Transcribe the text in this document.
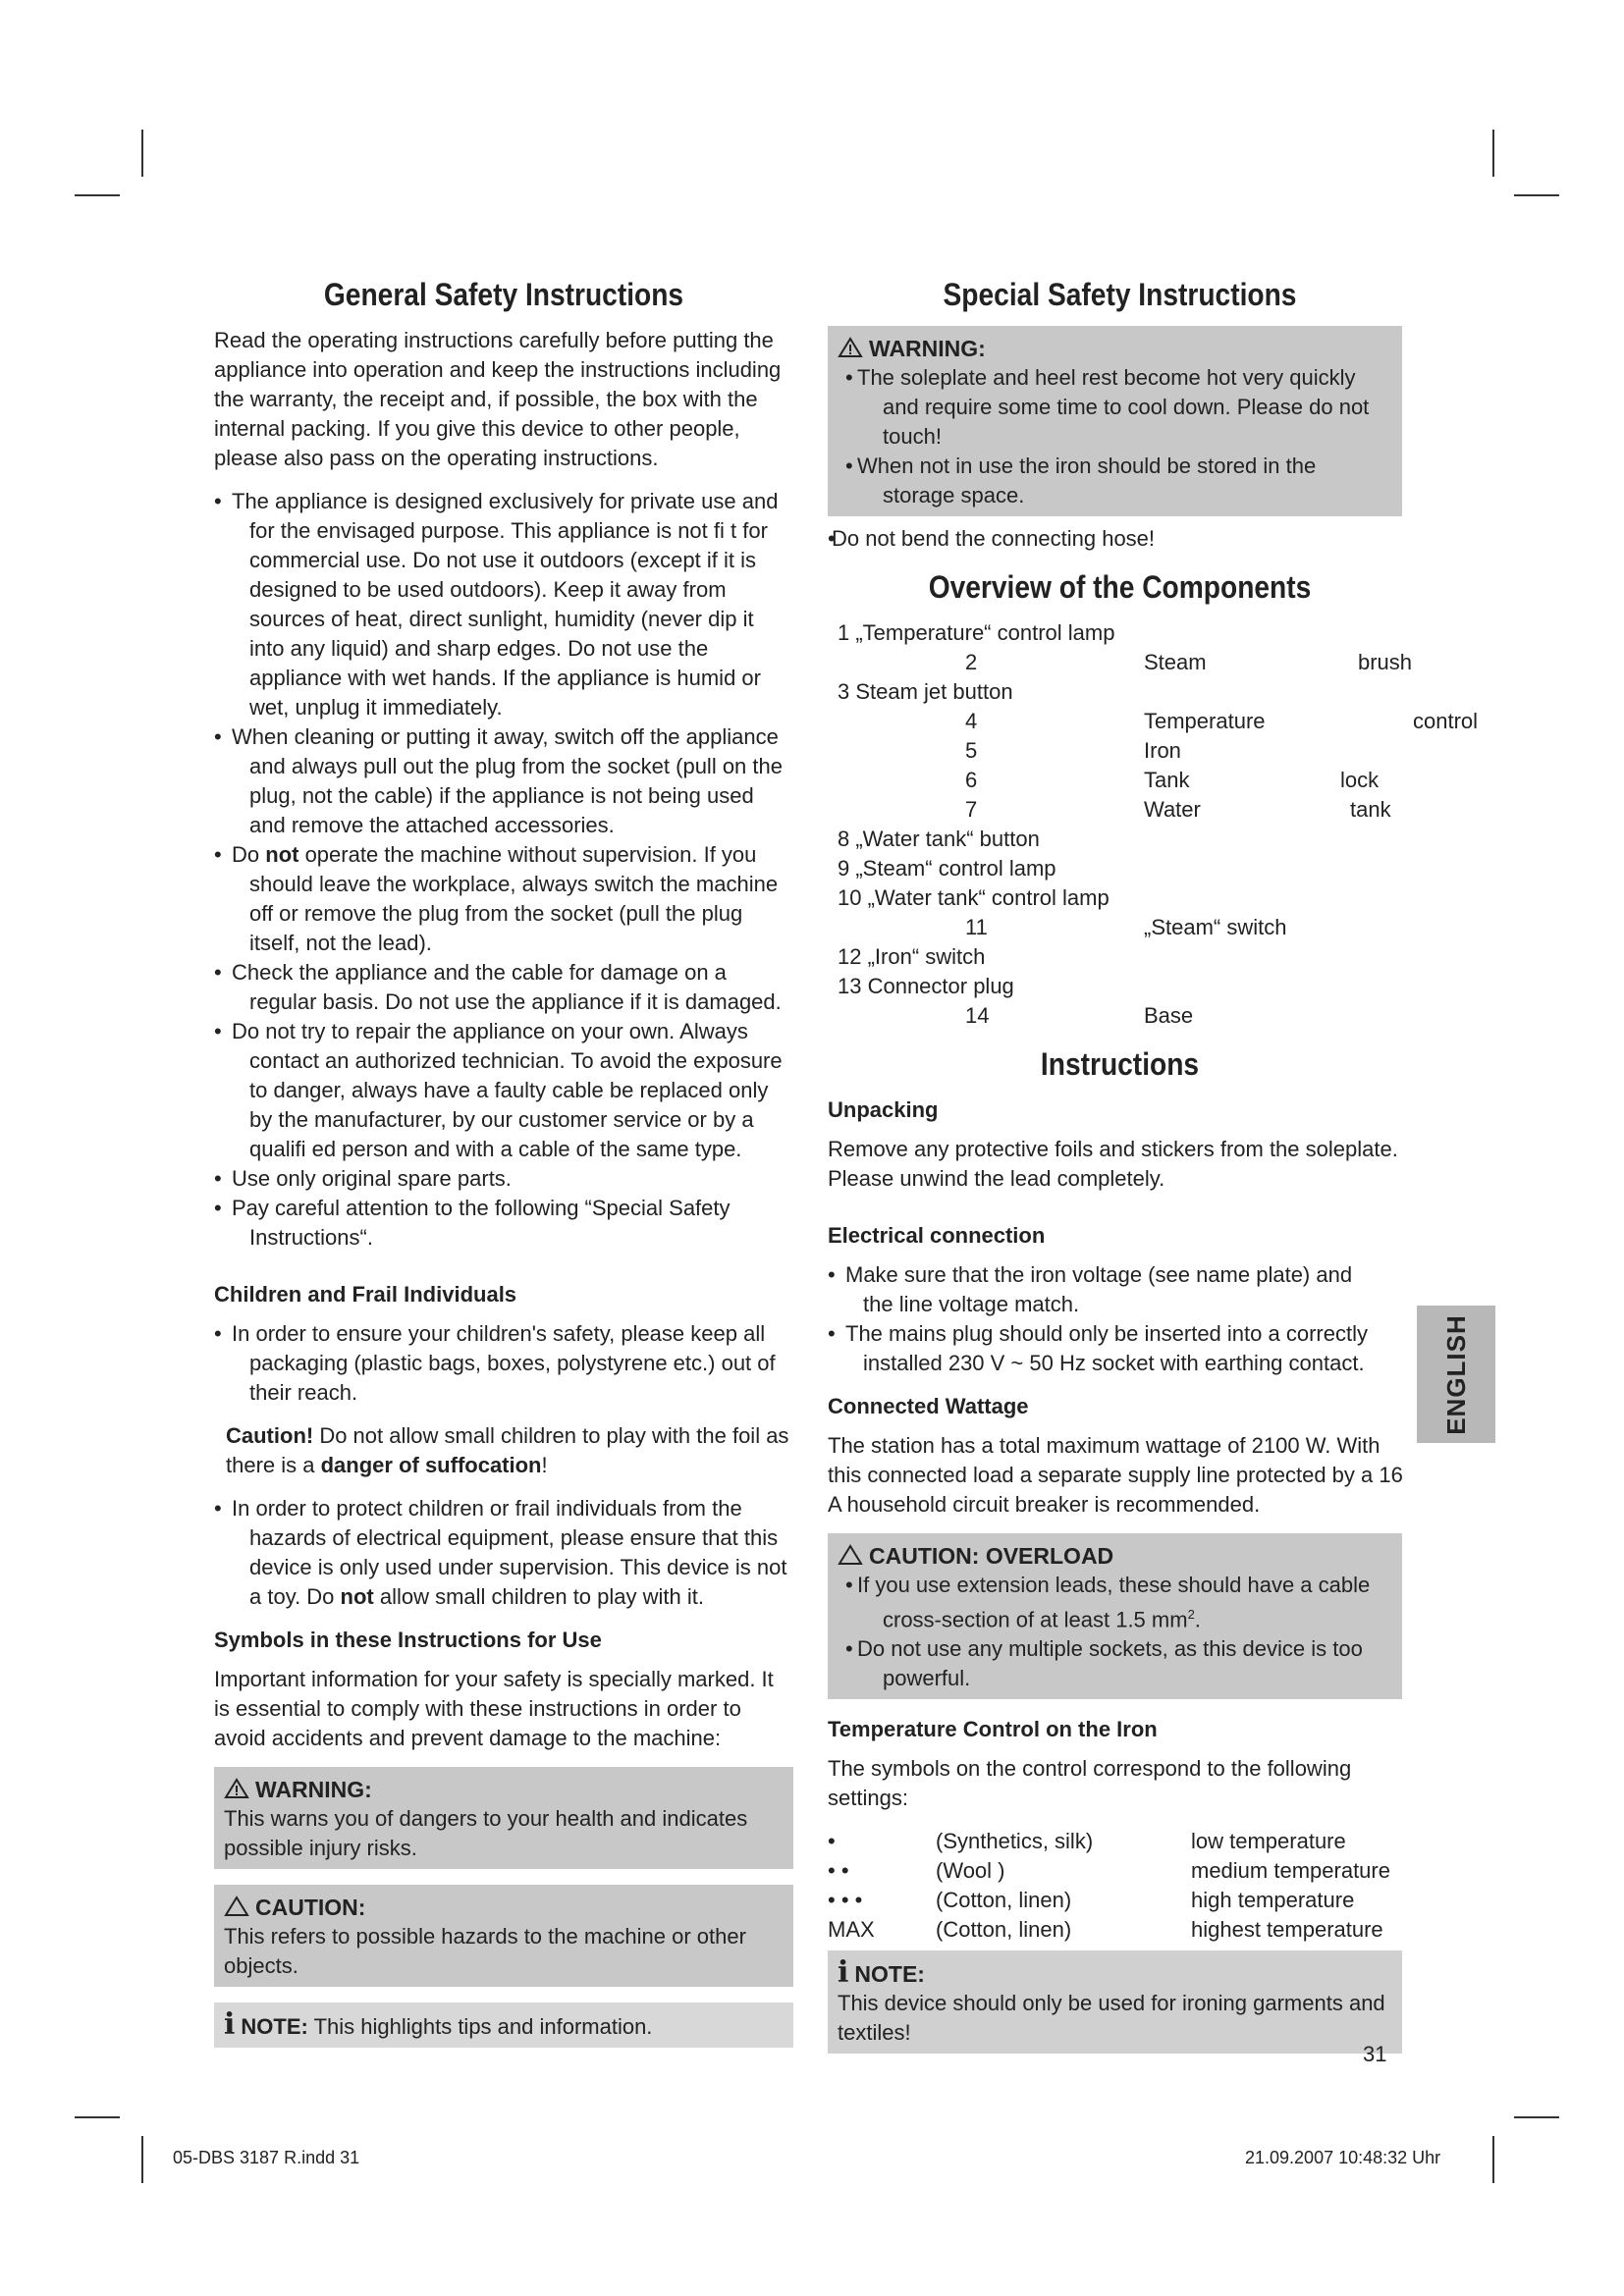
General Safety Instructions

Read the operating instructions carefully before putting the appliance into operation and keep the instructions including the warranty, the receipt and, if possible, the box with the internal packing. If you give this device to other people, please also pass on the operating instructions.

• The appliance is designed exclusively for private use and for the envisaged purpose. This appliance is not fi t for commercial use. Do not use it outdoors (except if it is designed to be used outdoors). Keep it away from sources of heat, direct sunlight, humidity (never dip it into any liquid) and sharp edges. Do not use the appliance with wet hands. If the appliance is humid or wet, unplug it immediately.
• When cleaning or putting it away, switch off the appliance and always pull out the plug from the socket (pull on the plug, not the cable) if the appliance is not being used and remove the attached accessories.
• Do not operate the machine without supervision. If you should leave the workplace, always switch the machine off or remove the plug from the socket (pull the plug itself, not the lead).
• Check the appliance and the cable for damage on a regular basis. Do not use the appliance if it is damaged.
• Do not try to repair the appliance on your own. Always contact an authorized technician. To avoid the exposure to danger, always have a faulty cable be replaced only by the manufacturer, by our customer service or by a qualifi ed person and with a cable of the same type.
• Use only original spare parts.
• Pay careful attention to the following “Special Safety Instructions“.
Children and Frail Individuals
• In order to ensure your children's safety, please keep all packaging (plastic bags, boxes, polystyrene etc.) out of their reach.

Caution! Do not allow small children to play with the foil as there is a danger of suffocation!

• In order to protect children or frail individuals from the hazards of electrical equipment, please ensure that this device is only used under supervision. This device is not a toy. Do not allow small children to play with it.
Symbols in these Instructions for Use

Important information for your safety is specially marked. It is essential to comply with these instructions in order to avoid accidents and prevent damage to the machine:

WARNING:
This warns you of dangers to your health and indicates possible injury risks.
CAUTION:
This refers to possible hazards to the machine or other objects.
i NOTE: This highlights tips and information.
Special Safety Instructions
WARNING:
• The soleplate and heel rest become hot very quickly and require some time to cool down. Please do not touch!
• When not in use the iron should be stored in the storage space.
• Do not bend the connecting hose!
Overview of the Components
1 „Temperature“ control lamp
2	Steam	brush
3 Steam jet button
4	Temperature	control
5	Iron
6	Tank	lock
7	Water	tank
8 „Water tank“ button
9 „Steam“ control lamp
10 „Water tank“ control lamp
11	„Steam“ switch
12 „Iron“ switch
13 Connector plug
14	Base
Instructions
Unpacking

Remove any protective foils and stickers from the soleplate. Please unwind the lead completely.

Electrical connection
• Make sure that the iron voltage (see name plate) and the line voltage match.
• The mains plug should only be inserted into a correctly installed 230 V ~ 50 Hz socket with earthing contact.
Connected Wattage

The station has a total maximum wattage of 2100 W. With this connected load a separate supply line protected by a 16 A household circuit breaker is recommended.

CAUTION: OVERLOAD
• If you use extension leads, these should have a cable cross-section of at least 1.5 $mm^2$.
• Do not use any multiple sockets, as this device is too powerful.
Temperature Control on the Iron

The symbols on the control correspond to the following settings:

•	(Synthetics, silk)	low temperature
• •	(Wool )	medium temperature
• • •	(Cotton, linen)	high temperature
MAX	(Cotton, linen)	highest temperature
i NOTE:
This device should only be used for ironing garments and textiles!
ENGLISH
31
05-DBS 3187 R.indd 31	21.09.2007 10:48:32 Uhr
